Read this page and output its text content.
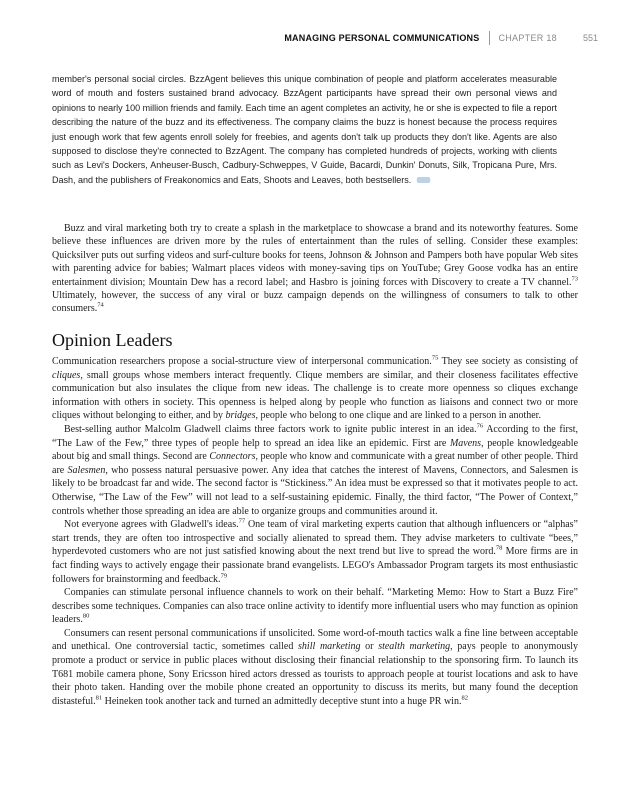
MANAGING PERSONAL COMMUNICATIONS CHAPTER 18	551
member's personal social circles. BzzAgent believes this unique combination of people and platform accelerates measurable word of mouth and fosters sustained brand advocacy. BzzAgent participants have spread their own personal views and opinions to nearly 100 million friends and family. Each time an agent completes an activity, he or she is expected to file a report describing the nature of the buzz and its effectiveness. The company claims the buzz is honest because the process requires just enough work that few agents enroll solely for freebies, and agents don't talk up products they don't like. Agents are also supposed to disclose they're connected to BzzAgent. The company has completed hundreds of projects, working with clients such as Levi's Dockers, Anheuser-Busch, Cadbury-Schweppes, V Guide, Bacardi, Dunkin' Donuts, Silk, Tropicana Pure, Mrs. Dash, and the publishers of Freakonomics and Eats, Shoots and Leaves, both bestsellers.

Buzz and viral marketing both try to create a splash in the marketplace to showcase a brand and its noteworthy features. Some believe these influences are driven more by the rules of entertainment than the rules of selling. Consider these examples: Quicksilver puts out surfing videos and surf-culture books for teens, Johnson & Johnson and Pampers both have popular Web sites with parenting advice for babies; Walmart places videos with money-saving tips on YouTube; Grey Goose vodka has an entire entertainment division; Mountain Dew has a record label; and Hasbro is joining forces with Discovery to create a TV channel.$^{73}$ Ultimately, however, the success of any viral or buzz campaign depends on the willingness of consumers to talk to other consumers.$^{74}$

Opinion Leaders

Communication researchers propose a social-structure view of interpersonal communication.$^{75}$ They see society as consisting of cliques, small groups whose members interact frequently. Clique members are similar, and their closeness facilitates effective communication but also insulates the clique from new ideas. The challenge is to create more openness so cliques exchange information with others in society. This openness is helped along by people who function as liaisons and connect two or more cliques without belonging to either, and by bridges, people who belong to one clique and are linked to a person in another.

Best-selling author Malcolm Gladwell claims three factors work to ignite public interest in an idea.$^{76}$ According to the first, “The Law of the Few,” three types of people help to spread an idea like an epidemic. First are Mavens, people knowledgeable about big and small things. Second are Connectors, people who know and communicate with a great number of other people. Third are Salesmen, who possess natural persuasive power. Any idea that catches the interest of Mavens, Connectors, and Salesmen is likely to be broadcast far and wide. The second factor is “Stickiness.” An idea must be expressed so that it motivates people to act. Otherwise, “The Law of the Few” will not lead to a self-sustaining epidemic. Finally, the third factor, “The Power of Context,” controls whether those spreading an idea are able to organize groups and communities around it.

Not everyone agrees with Gladwell's ideas.$^{77}$ One team of viral marketing experts caution that although influencers or “alphas” start trends, they are often too introspective and socially alienated to spread them. They advise marketers to cultivate “bees,” hyperdevoted customers who are not just satisfied knowing about the next trend but live to spread the word.$^{78}$ More firms are in fact finding ways to actively engage their passionate brand evangelists. LEGO's Ambassador Program targets its most enthusiastic followers for brainstorming and feedback.$^{79}$

Companies can stimulate personal influence channels to work on their behalf. “Marketing Memo: How to Start a Buzz Fire” describes some techniques. Companies can also trace online activity to identify more influential users who may function as opinion leaders.$^{80}$

Consumers can resent personal communications if unsolicited. Some word-of-mouth tactics walk a fine line between acceptable and unethical. One controversial tactic, sometimes called shill marketing or stealth marketing, pays people to anonymously promote a product or service in public places without disclosing their financial relationship to the sponsoring firm. To launch its T681 mobile camera phone, Sony Ericsson hired actors dressed as tourists to approach people at tourist locations and ask to have their photo taken. Handing over the mobile phone created an opportunity to discuss its merits, but many found the deception distasteful.$^{81}$ Heineken took another tack and turned an admittedly deceptive stunt into a huge PR win.$^{82}$
